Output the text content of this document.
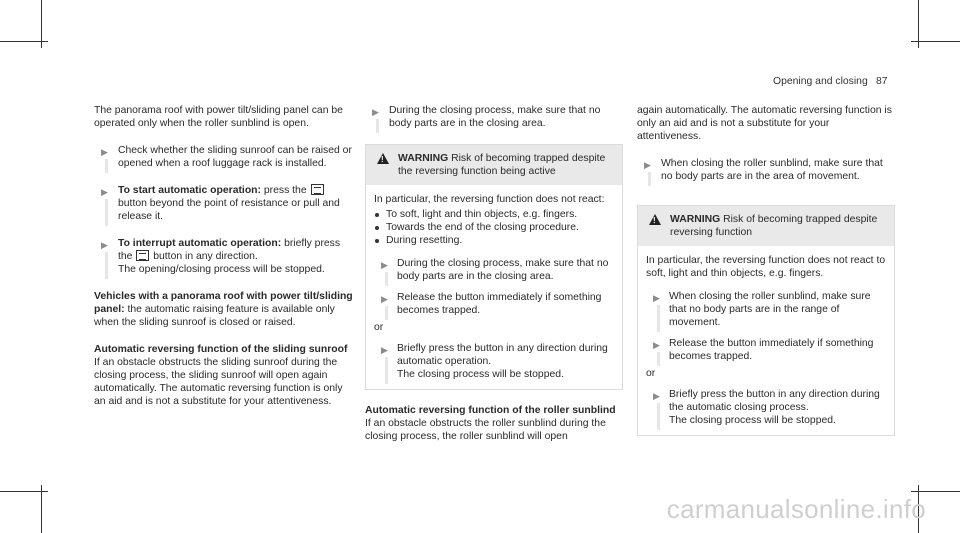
Opening and closing 87

The panorama roof with power tilt/sliding panel can be operated only when the roller sunblind is open.

▶ Check whether the sliding sunroof can be raised or opened when a roof luggage rack is installed.
▶ To start automatic operation: press the  button beyond the point of resistance or pull and release it.
▶ To interrupt automatic operation: briefly press the button in any direction.
The opening/closing process will be stopped.

Vehicles with a panorama roof with power tilt/sliding panel: the automatic raising feature is available only when the sliding sunroof is closed or raised.

Automatic reversing function of the sliding sunroof
If an obstacle obstructs the sliding sunroof during the closing process, the sliding sunroof will open again automatically. The automatic reversing function is only an aid and is not a substitute for your attentiveness.

▶ During the closing process, make sure that no body parts are in the closing area.
!
WARNING Risk of becoming trapped despite the reversing function being active

In particular, the reversing function does not react:

To soft, light and thin objects, e.g. fingers.
Towards the end of the closing procedure.
During resetting.
▶ During the closing process, make sure that no body parts are in the closing area.
▶ Release the button immediately if something becomes trapped.

or

▶ Briefly press the button in any direction during automatic operation.
The closing process will be stopped.

Automatic reversing function of the roller sunblind
If an obstacle obstructs the roller sunblind during the closing process, the roller sunblind will open

again automatically. The automatic reversing function is only an aid and is not a substitute for your attentiveness.

▶ When closing the roller sunblind, make sure that no body parts are in the area of movement.
!
WARNING Risk of becoming trapped despite reversing function

In particular, the reversing function does not react to soft, light and thin objects, e.g. fingers.

▶ When closing the roller sunblind, make sure that no body parts are in the range of movement.
▶ Release the button immediately if something becomes trapped.

or

▶ Briefly press the button in any direction during the automatic closing process.
The closing process will be stopped.
carmanualsonline.info
